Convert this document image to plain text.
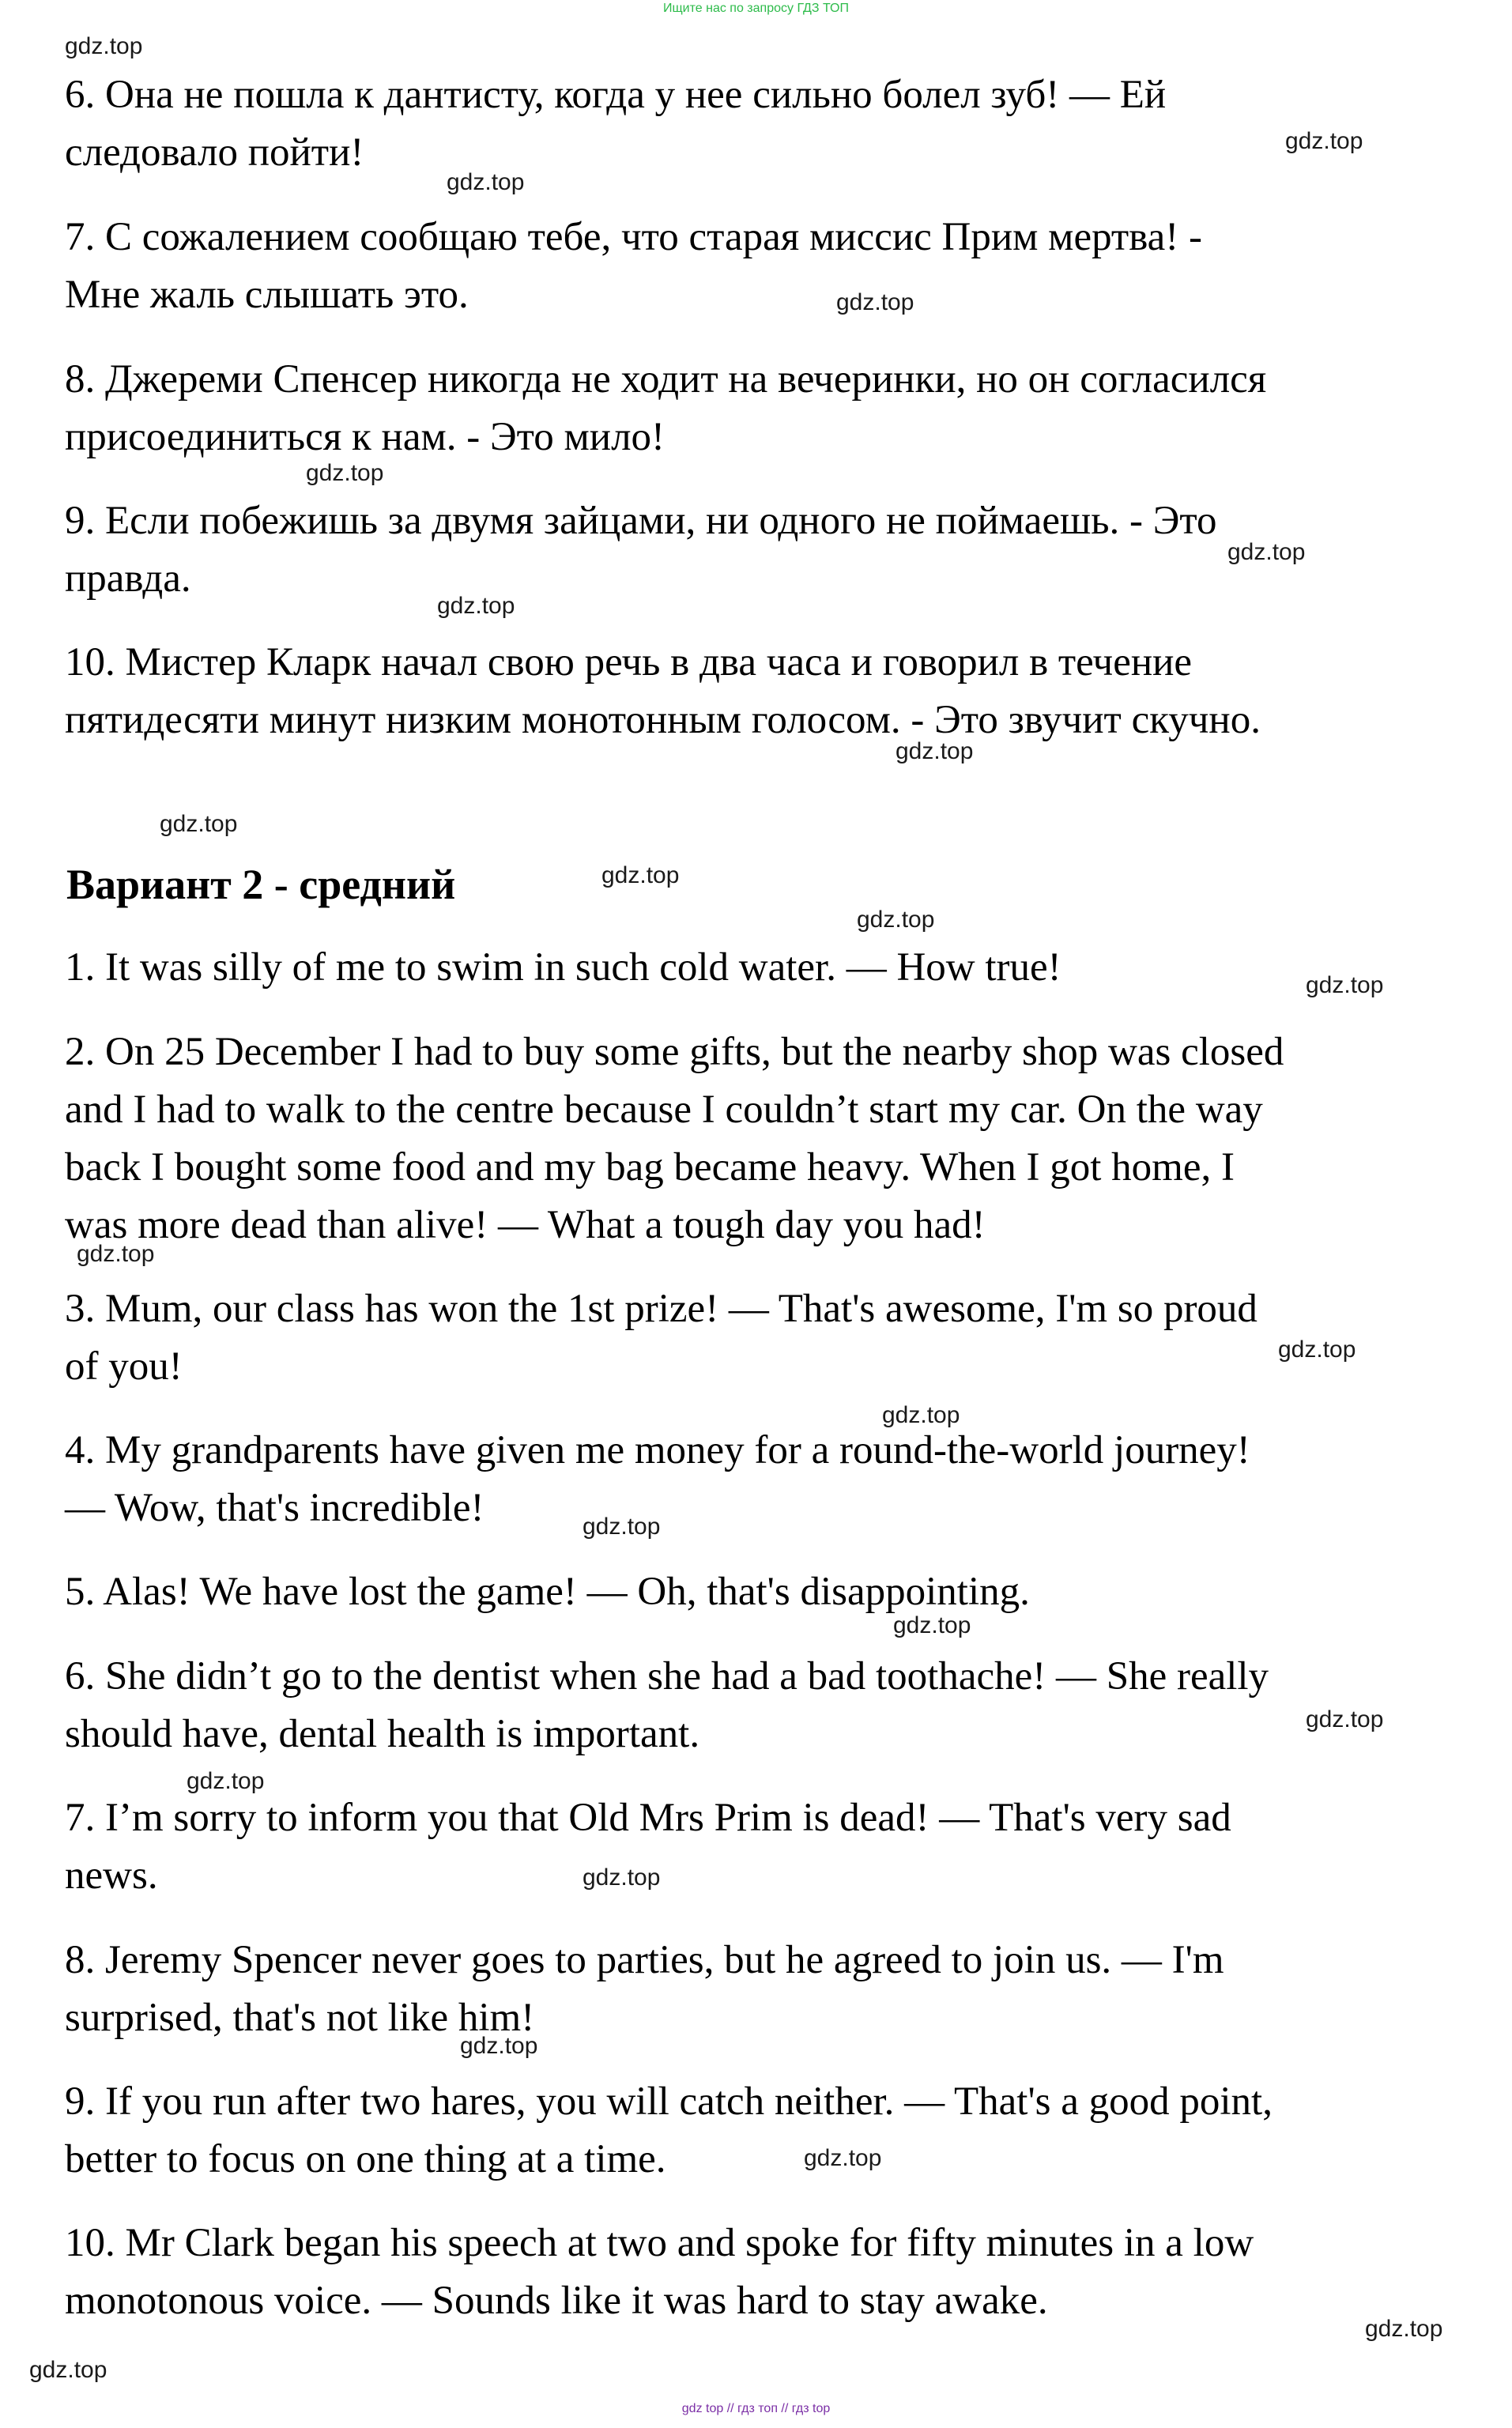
Ищите нас по запросу ГДЗ ТОП

6. Она не пошла к дантисту, когда у нее сильно болел зуб! — Ей

следовало пойти!

7. С сожалением сообщаю тебе, что старая миссис Прим мертва! -

Мне жаль слышать это.

8. Джереми Спенсер никогда не ходит на вечеринки, но он согласился

присоединиться к нам. - Это мило!

9. Если побежишь за двумя зайцами, ни одного не поймаешь. - Это

правда.

10. Мистер Кларк начал свою речь в два часа и говорил в течение

пятидесяти минут низким монотонным голосом. - Это звучит скучно.

Вариант 2 - средний

1. It was silly of me to swim in such cold water. — How true!

2. On 25 December I had to buy some gifts, but the nearby shop was closed

and I had to walk to the centre because I couldn’t start my car. On the way

back I bought some food and my bag became heavy. When I got home, I

was more dead than alive! — What a tough day you had!

3. Mum, our class has won the 1st prize! — That's awesome, I'm so proud

of you!

4. My grandparents have given me money for a round-the-world journey!

— Wow, that's incredible!

5. Alas! We have lost the game! — Oh, that's disappointing.

6. She didn’t go to the dentist when she had a bad toothache! — She really

should have, dental health is important.

7. I’m sorry to inform you that Old Mrs Prim is dead! — That's very sad

news.

8. Jeremy Spencer never goes to parties, but he agreed to join us. — I'm

surprised, that's not like him!

9. If you run after two hares, you will catch neither. — That's a good point,

better to focus on one thing at a time.

10. Mr Clark began his speech at two and spoke for fifty minutes in a low

monotonous voice. — Sounds like it was hard to stay awake.

gdz.top
gdz.top
gdz.top
gdz.top
gdz.top
gdz.top
gdz.top
gdz.top
gdz.top
gdz.top
gdz.top
gdz.top
gdz.top
gdz.top
gdz.top
gdz.top
gdz.top
gdz.top
gdz.top
gdz.top
gdz.top
gdz.top
gdz.top
gdz.top
gdz top // гдз топ // гдз top
